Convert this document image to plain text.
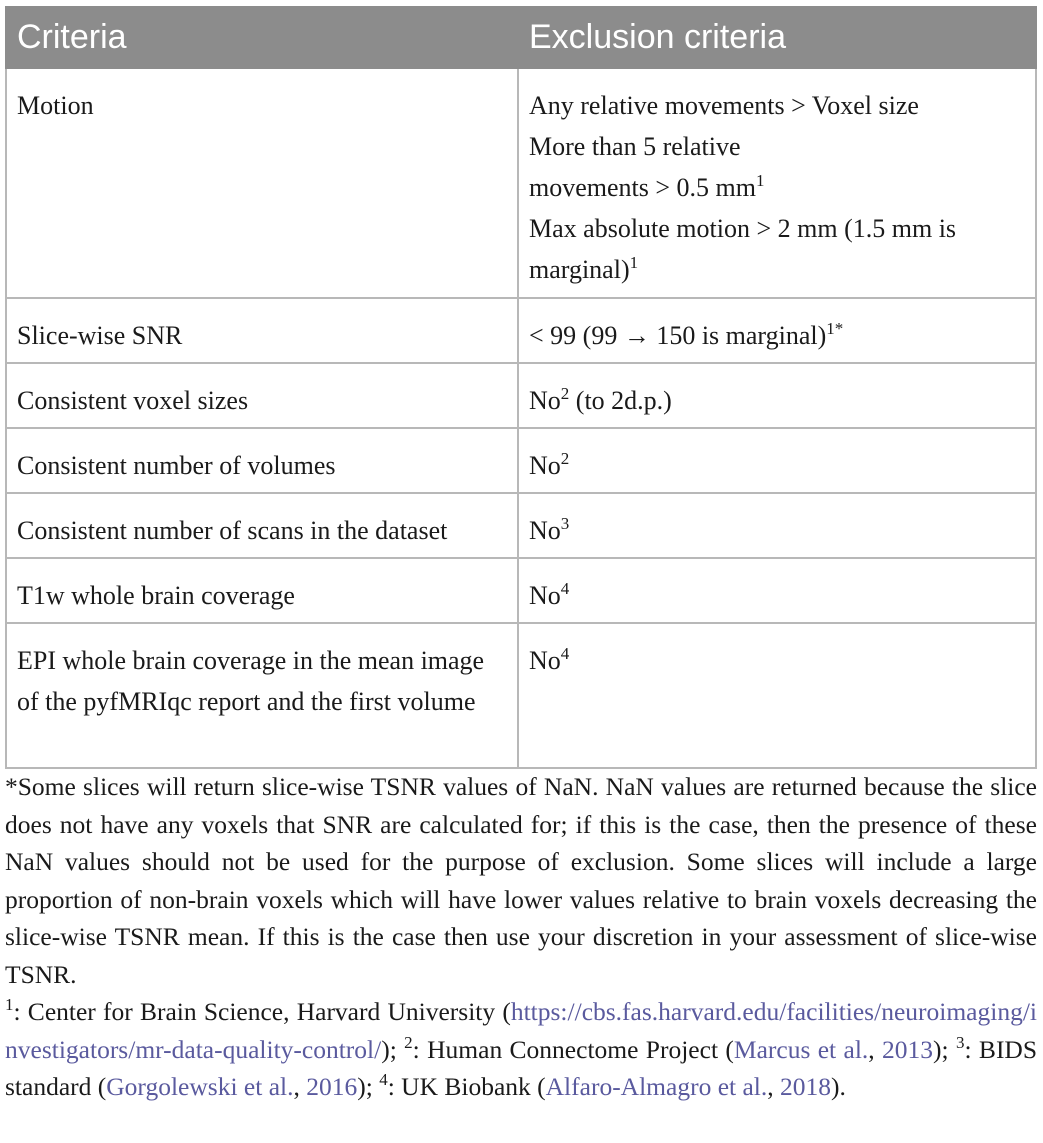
Criteria	Exclusion criteria
Motion	Any relative movements > Voxel size
More than 5 relative
movements > 0.5 $mm^1$
Max absolute motion > 2 mm (1.5 mm is marginal)$^1$

Slice-wise SNR	< 99 (99 → 150 is marginal)$^{1*}$
Consistent voxel sizes	No$^2$ (to 2d.p.)
Consistent number of volumes	No$^2$
Consistent number of scans in the dataset	No$^3$
T1w whole brain coverage	No$^4$
EPI whole brain coverage in the mean image of the pyfMRIqc report and the first volume	No$^4$

*Some slices will return slice-wise TSNR values of NaN. NaN values are returned because the slice does not have any voxels that SNR are calculated for; if this is the case, then the presence of these NaN values should not be used for the purpose of exclusion. Some slices will include a large proportion of non-brain voxels which will have lower values relative to brain voxels decreasing the slice-wise TSNR mean. If this is the case then use your discretion in your assessment of slice-wise TSNR.

$^1$: Center for Brain Science, Harvard University (https://cbs.fas.harvard.edu/facilities/neuroimaging/investigators/mr-data-quality-control/); $^2$: Human Connectome Project (Marcus et al., 2013); $^3$: BIDS standard (Gorgolewski et al., 2016); $^4$: UK Biobank (Alfaro-Almagro et al., 2018).
